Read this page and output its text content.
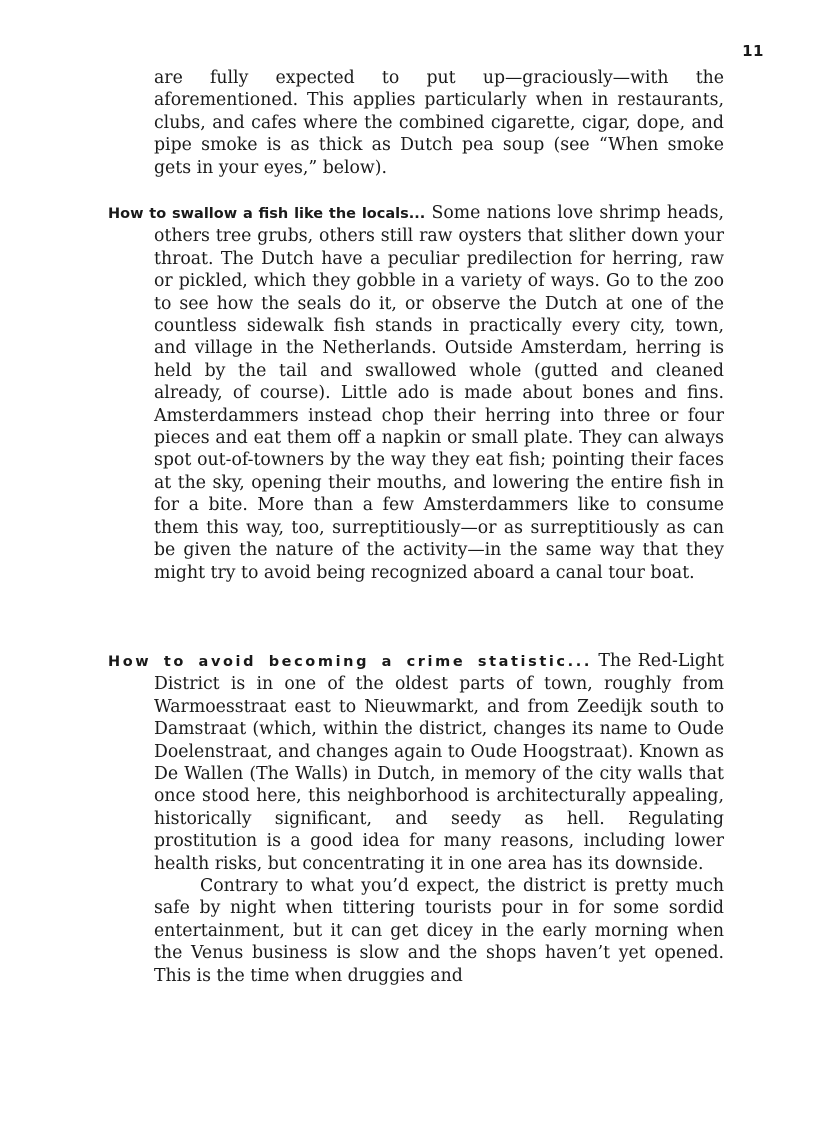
11

are fully expected to put up—graciously—with the aforementioned. This applies particularly when in restaurants, clubs, and cafes where the combined cigarette, cigar, dope, and pipe smoke is as thick as Dutch pea soup (see “When smoke gets in your eyes,” below).

How to swallow a fish like the locals... Some nations love shrimp heads, others tree grubs, others still raw oysters that slither down your throat. The Dutch have a peculiar predilection for herring, raw or pickled, which they gobble in a variety of ways. Go to the zoo to see how the seals do it, or observe the Dutch at one of the countless sidewalk fish stands in practically every city, town, and village in the Netherlands. Outside Amsterdam, herring is held by the tail and swallowed whole (gutted and cleaned already, of course). Little ado is made about bones and fins. Amsterdammers instead chop their herring into three or four pieces and eat them off a napkin or small plate. They can always spot out-of-towners by the way they eat fish; pointing their faces at the sky, opening their mouths, and lowering the entire fish in for a bite. More than a few Amsterdammers like to consume them this way, too, surreptitiously—or as surreptitiously as can be given the nature of the activity—in the same way that they might try to avoid being recognized aboard a canal tour boat.

How to avoid becoming a crime statistic... The Red-Light District is in one of the oldest parts of town, roughly from Warmoesstraat east to Nieuwmarkt, and from Zeedijk south to Damstraat (which, within the district, changes its name to Oude Doelenstraat, and changes again to Oude Hoogstraat). Known as De Wallen (The Walls) in Dutch, in memory of the city walls that once stood here, this neighborhood is architecturally appealing, historically significant, and seedy as hell. Regulating prostitution is a good idea for many reasons, including lower health risks, but concentrating it in one area has its downside.

Contrary to what you’d expect, the district is pretty much safe by night when tittering tourists pour in for some sordid entertainment, but it can get dicey in the early morning when the Venus business is slow and the shops haven’t yet opened. This is the time when druggies and
